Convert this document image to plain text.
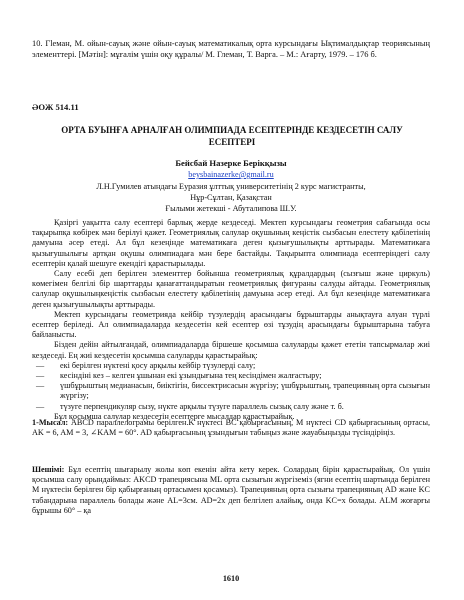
10. Гleман, М. ойын-сауық және ойын-сауық математикалық орта курсындағы Ықтималдықтар теориясының элементтері. [Мәтін]: мұғалім үшін оқу құралы/ М. Глеман, Т. Варга. – М.: Ағарту, 1979. – 176 б.

ӘОЖ 514.11

ОРТА БУЫНҒА АРНАЛҒАН ОЛИМПИАДА ЕСЕПТЕРІНДЕ КЕЗДЕСЕТІН САЛУ ЕСЕПТЕРІ

Бейсбай Назерке Берікқызы

beysbainazerke@gmail.ru

Л.Н.Гумилев атындағы Еуразия ұлттық университетінің 2 курс магистранты,

Нұр-Сұлтан, Қазақстан

Ғылыми жетекші - Абуталипова Ш.У.

Қазіргі уақытта салу есептері барлық жерде кездеседі. Мектеп курсындағы геометрия сабағында осы тақырыпқа көбірек мән берілуі қажет. Геометриялық салулар оқушының кеңістік сызбасын елестету қабілетінің дамуына әсер етеді. Ал бұл кезеңінде математикаға деген қызығушылықты арттырады. Математикаға қызығушылығы артқан оқушы олимпиадаға мән бере бастайды. Тақырыпта олимпиада есептеріндегі салу есептерін қалай шешуге екендігі қарастырылады.

Салу есебі деп берілген элементтер бойынша геометриялық құралдардың (сызғыш және циркуль) көмегімен белгілі бір шарттарды қанағаттандыратын геометриялық фигураны салуды айтады. Геометриялық салулар оқушылыңкеңістік сызбасын елестету қабілетінің дамуына әсер етеді. Ал бұл кезеңінде математикаға деген қызығушылықты арттырады.

Мектеп курсындағы геометрияда кейбір түзулердің арасындағы бұрыштарды анықтауға алуан түрлі есептер беріледі. Ал олимпиадаларда кездесетін кей есептер өзі тұзудің арасындағы бұрыштарына табуға байланысты.

Бізден дейін айтылғандай, олимпиадаларда біршеше қосымша салуларды қажет ететін тапсырмалар жиі кездеседі. Ең жиі кездесетін қосымша салуларды қарастырайық:

—	екі берілген нүктені қосу арқылы кейбір түзулерді салу;
—	кесіндіні кез – келген ұшынан екі ұзындығына тең кесіндімен жалғастыру;
—	үшбұрыштың медианасын, биіктігін, биссектрисасын жүргізу; үшбұрыштың, трапецияның орта сызығын жүргізу;
—	түзуге перпендикуляр сызу, нүкте арқылы түзуге параллель сызық салу және т. б.

Бұл қосымша салулар кездесетін есептерге мысалдар қарастырайық.

1-Мысал: ABCD параллелограмы берілген.K нүктесі BC қабырғасының, M нүктесі CD қабырғасының ортасы, AK = 6, AM = 3, ∠KAM = 60°. AD қабырғасының ұзындығын табыңыз және жауабыңызды түсіндіріңіз.

Шешімі: Бұл есептің шығарылу жолы көп екенін айта кету керек. Солардың бірін қарастырайық. Ол үшін қосымша салу орындаймыз: AKCD трапециясына ML орта сызығын жүргіземіз (ягни есептің шартында берілген M нүктесін берілген бір қабырғаның ортасымен қосамыз). Трапецияның орта сызығы трапецияның AD және KC табандарына параллель болады және AL=3см. AD=2x деп белгілеп алайық, онда KC=x болады. ALM жоғарғы бұрышы 60° – қа

1610
